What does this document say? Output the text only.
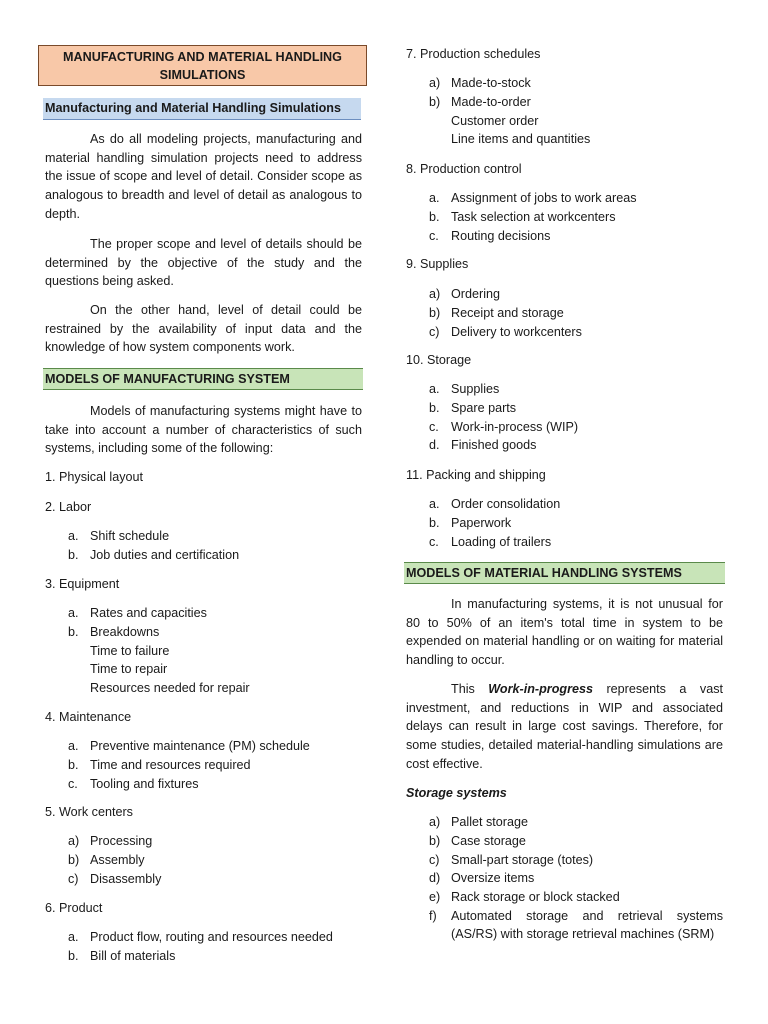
MANUFACTURING AND MATERIAL HANDLING SIMULATIONS
Manufacturing and Material Handling Simulations
As do all modeling projects, manufacturing and material handling simulation projects need to address the issue of scope and level of detail. Consider scope as analogous to breadth and level of detail as analogous to depth.
The proper scope and level of details should be determined by the objective of the study and the questions being asked.
On the other hand, level of detail could be restrained by the availability of input data and the knowledge of how system components work.
MODELS OF MANUFACTURING SYSTEM
Models of manufacturing systems might have to take into account a number of characteristics of such systems, including some of the following:
1. Physical layout
2. Labor
a. Shift schedule
b. Job duties and certification
3. Equipment
a. Rates and capacities
b. Breakdowns
Time to failure
Time to repair
Resources needed for repair
4. Maintenance
a. Preventive maintenance (PM) schedule
b. Time and resources required
c. Tooling and fixtures
5. Work centers
a) Processing
b) Assembly
c) Disassembly
6. Product
a. Product flow, routing and resources needed
b. Bill of materials
7. Production schedules
a) Made-to-stock
b) Made-to-order
Customer order
Line items and quantities
8. Production control
a. Assignment of jobs to work areas
b. Task selection at workcenters
c. Routing decisions
9. Supplies
a) Ordering
b) Receipt and storage
c) Delivery to workcenters
10. Storage
a. Supplies
b. Spare parts
c. Work-in-process (WIP)
d. Finished goods
11. Packing and shipping
a. Order consolidation
b. Paperwork
c. Loading of trailers
MODELS OF MATERIAL HANDLING SYSTEMS
In manufacturing systems, it is not unusual for 80 to 50% of an item's total time in system to be expended on material handling or on waiting for material handling to occur.
This Work-in-progress represents a vast investment, and reductions in WIP and associated delays can result in large cost savings. Therefore, for some studies, detailed material-handling simulations are cost effective.
Storage systems
a) Pallet storage
b) Case storage
c) Small-part storage (totes)
d) Oversize items
e) Rack storage or block stacked
f) Automated storage and retrieval systems (AS/RS) with storage retrieval machines (SRM)
